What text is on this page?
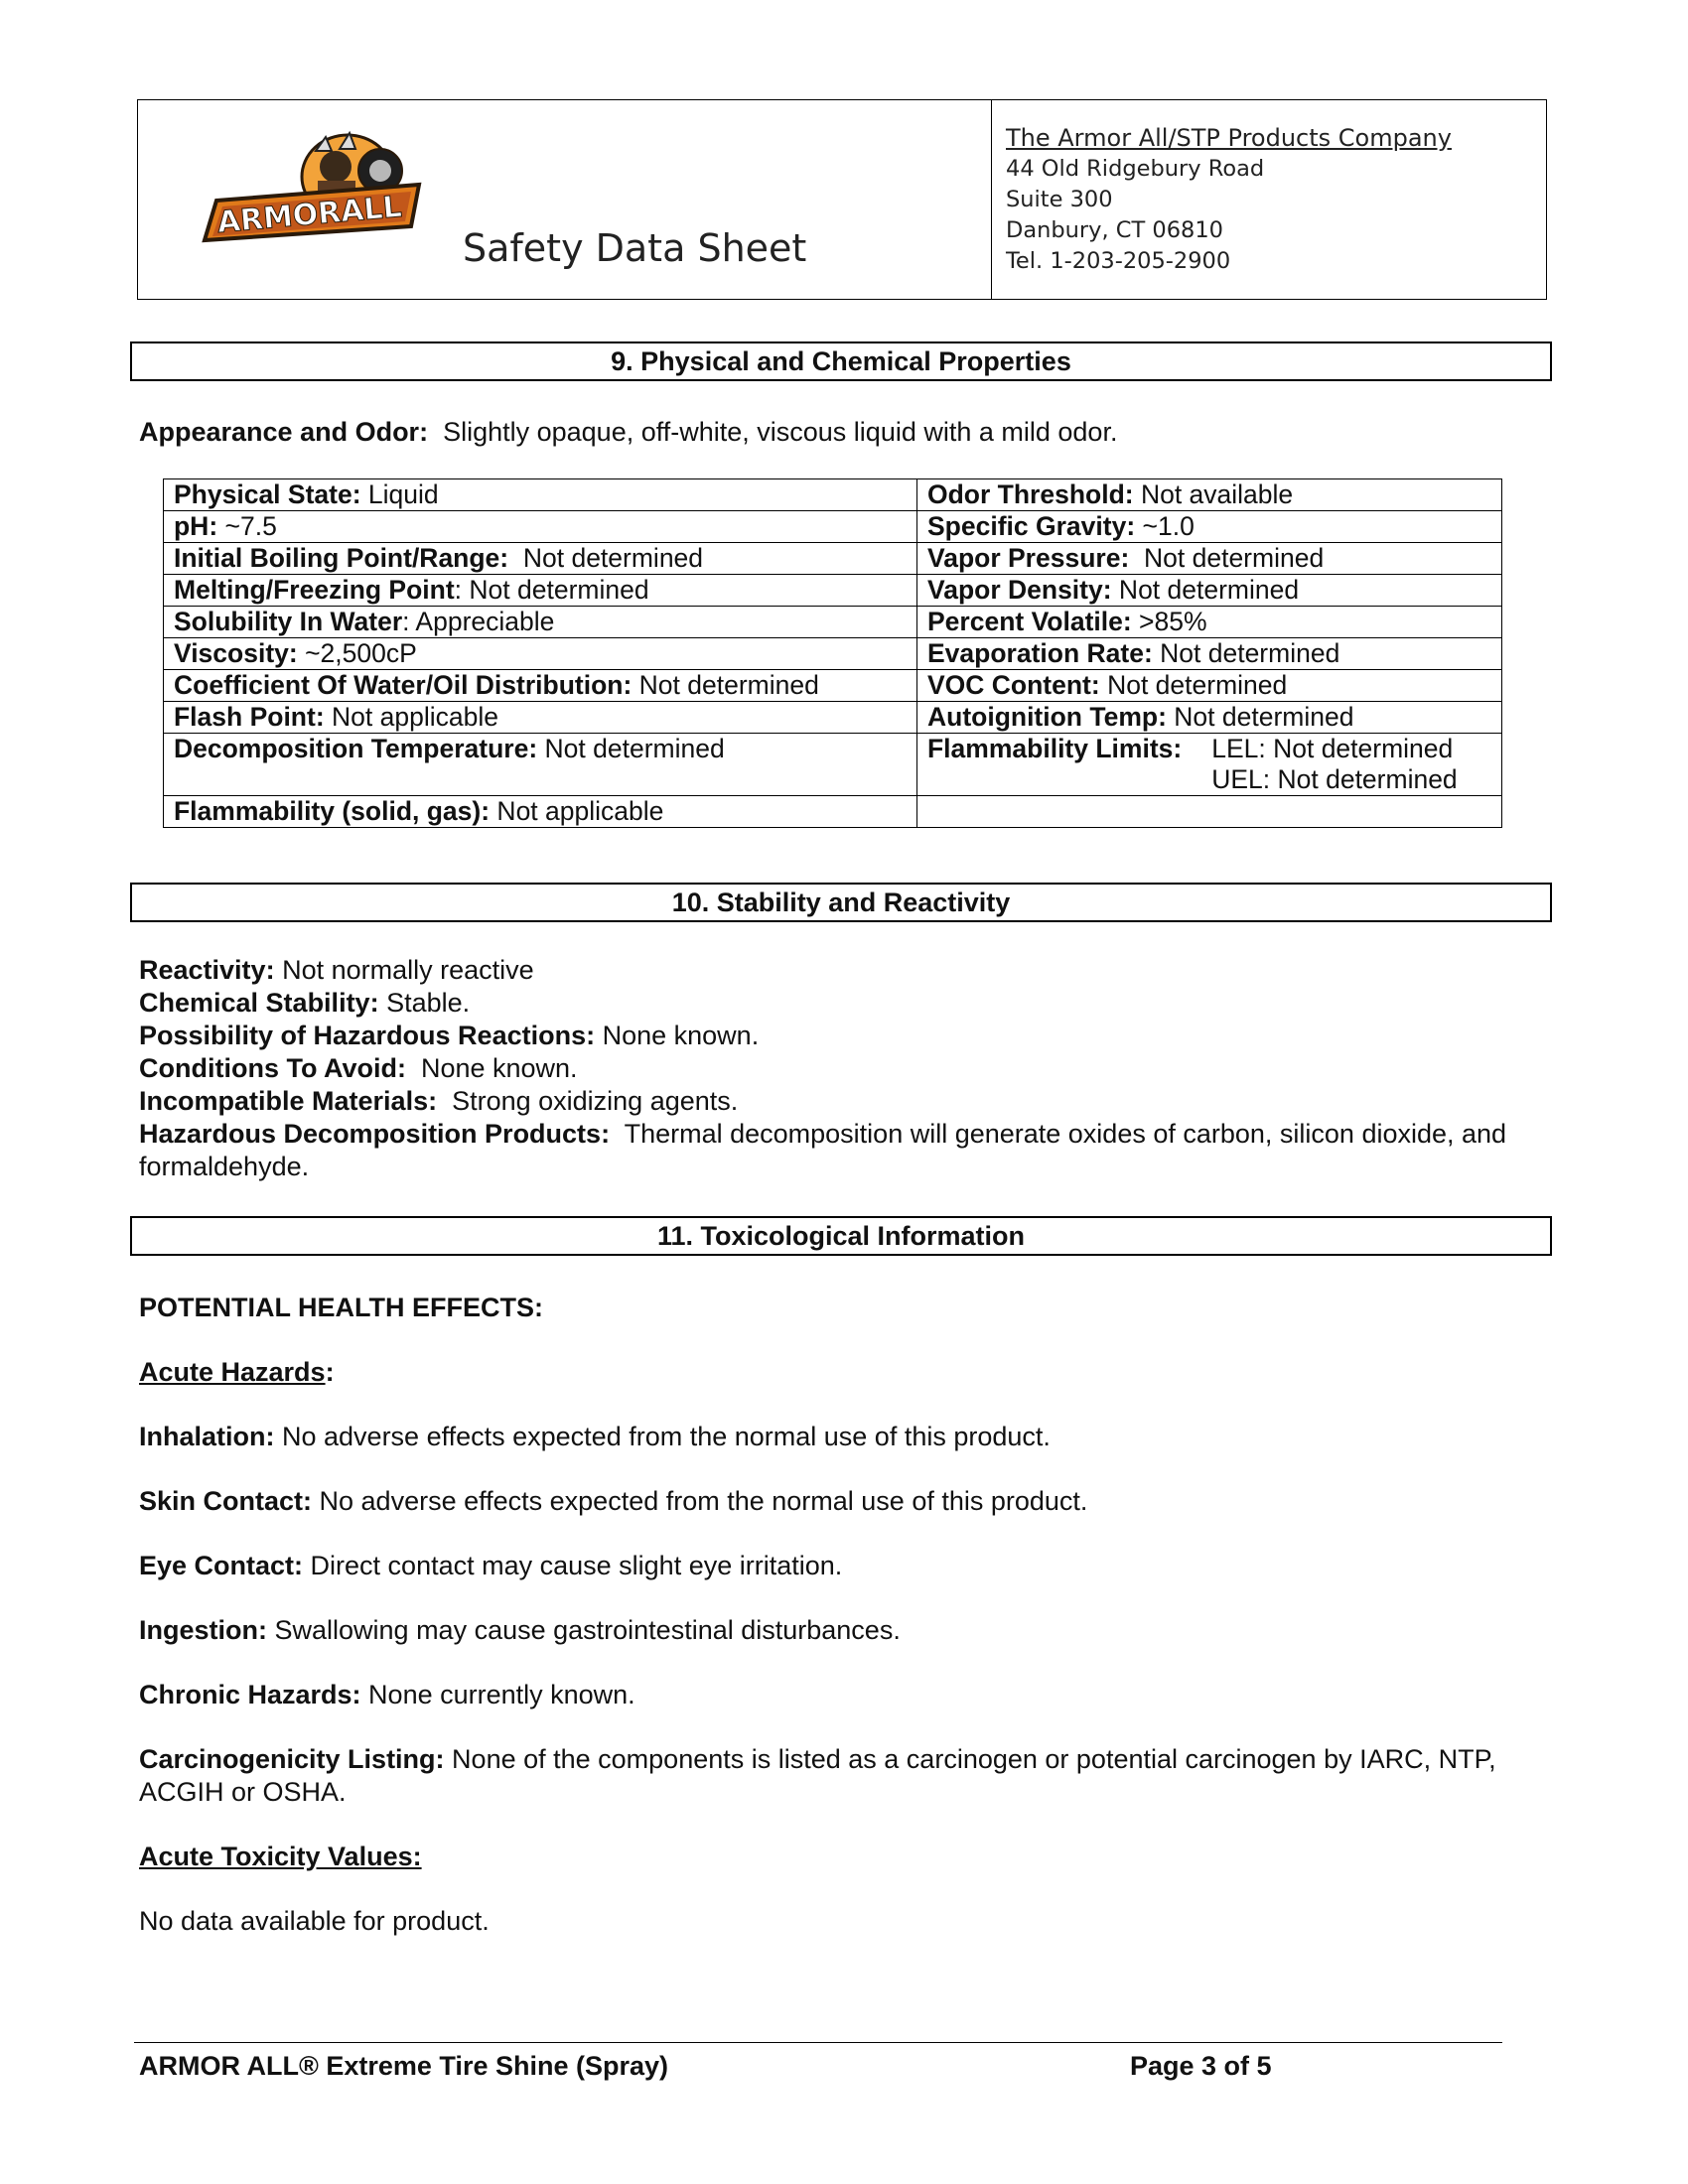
ARMORALL
Safety Data Sheet
The Armor All/STP Products Company
44 Old Ridgebury Road
Suite 300
Danbury, CT 06810
Tel. 1-203-205-2900
9. Physical and Chemical Properties
Appearance and Odor: Slightly opaque, off-white, viscous liquid with a mild odor.
Physical State: Liquid	Odor Threshold: Not available
pH: ~7.5	Specific Gravity: ~1.0
Initial Boiling Point/Range:  Not determined	Vapor Pressure:  Not determined
Melting/Freezing Point: Not determined	Vapor Density: Not determined
Solubility In Water: Appreciable	Percent Volatile: >85%
Viscosity: ~2,500cP	Evaporation Rate: Not determined
Coefficient Of Water/Oil Distribution: Not determined	VOC Content: Not determined
Flash Point: Not applicable	Autoignition Temp: Not determined
Decomposition Temperature: Not determined	Flammability Limits: LEL: Not determined
UEL: Not determined

Flammability (solid, gas): Not applicable	
10. Stability and Reactivity
Reactivity: Not normally reactive
Chemical Stability: Stable.
Possibility of Hazardous Reactions: None known.
Conditions To Avoid:  None known.
Incompatible Materials:  Strong oxidizing agents.
Hazardous Decomposition Products:  Thermal decomposition will generate oxides of carbon, silicon dioxide, and
formaldehyde.
11. Toxicological Information
POTENTIAL HEALTH EFFECTS:
Acute Hazards:
Inhalation: No adverse effects expected from the normal use of this product.
Skin Contact: No adverse effects expected from the normal use of this product.
Eye Contact: Direct contact may cause slight eye irritation.
Ingestion: Swallowing may cause gastrointestinal disturbances.
Chronic Hazards: None currently known.
Carcinogenicity Listing: None of the components is listed as a carcinogen or potential carcinogen by IARC, NTP,
ACGIH or OSHA.
Acute Toxicity Values:
No data available for product.
ARMOR ALL® Extreme Tire Shine (Spray)	Page 3 of 5
